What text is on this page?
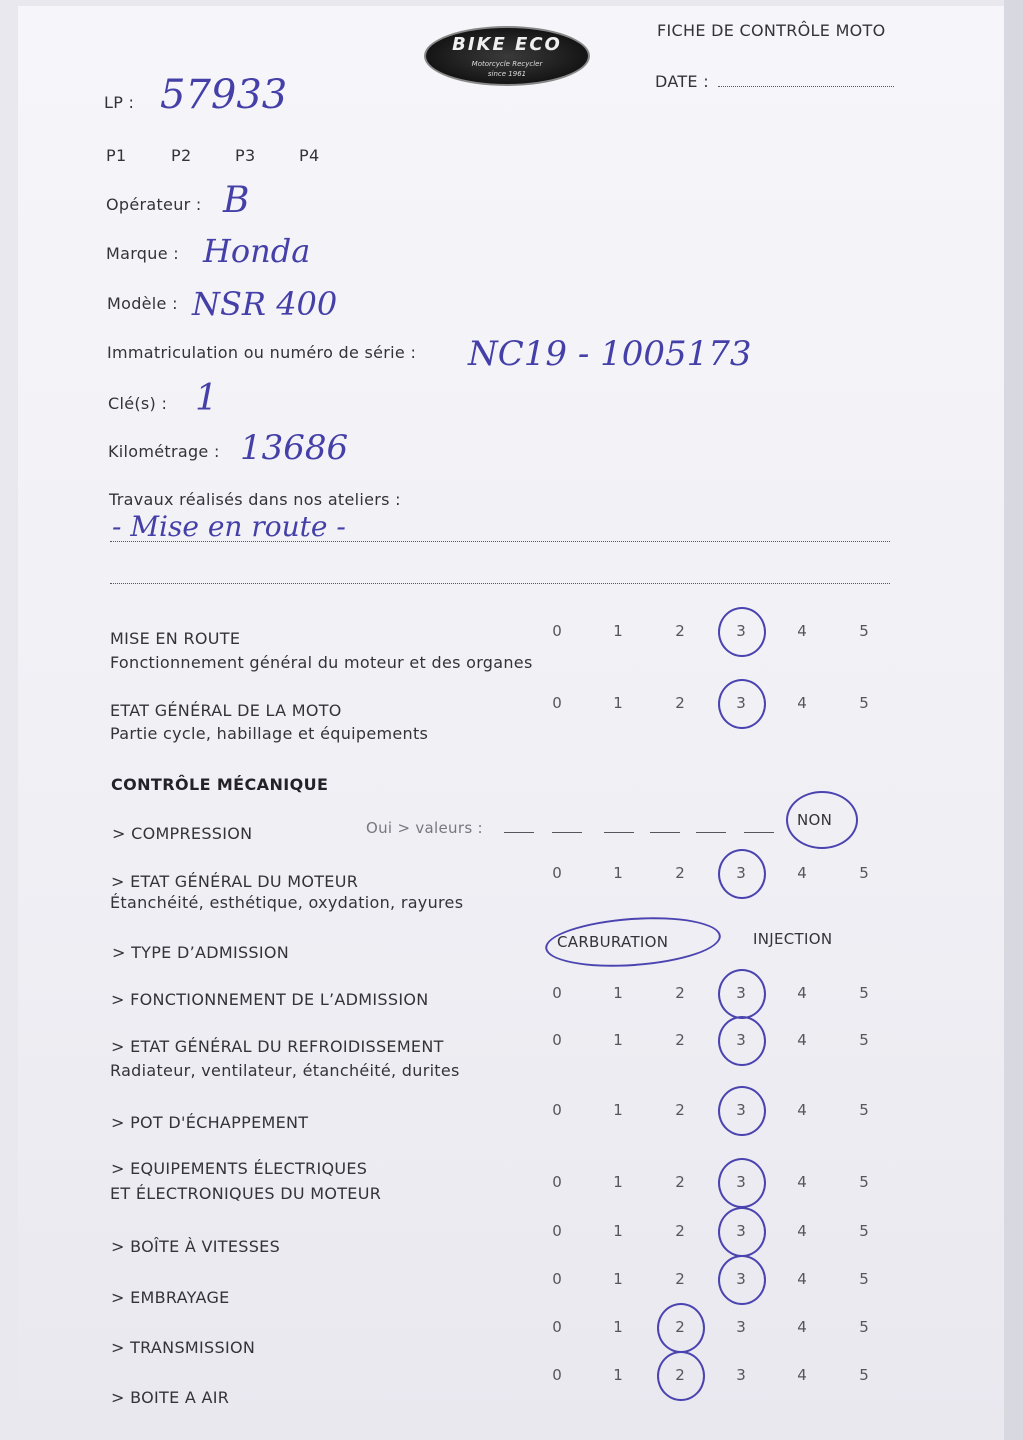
BIKE ECO
Motorcycle Recycler
since 1961
FICHE DE CONTRÔLE MOTO
DATE :
LP : 57933
P1	P2	P3	P4
Opérateur : B
Marque : Honda
Modèle : NSR 400
Immatriculation ou numéro de série : NC19 - 1005173
Clé(s) : 1
Kilométrage : 13686
Travaux réalisés dans nos ateliers :
- Mise en route -
MISE EN ROUTE
Fonctionnement général du moteur et des organes
0	1	2	3	4	5
ETAT GÉNÉRAL DE LA MOTO
Partie cycle, habillage et équipements
0	1	2	3	4	5
CONTRÔLE MÉCANIQUE
> COMPRESSION	Oui > valeurs :	NON
> TYPE D’ADMISSION
CARBURATION	INJECTION
> ETAT GÉNÉRAL DU MOTEUR
Étanchéité, esthétique, oxydation, rayures
0	1	2	3	4	5
> FONCTIONNEMENT DE L’ADMISSION	0	1	2	3	4	5
> ETAT GÉNÉRAL DU REFROIDISSEMENT
Radiateur, ventilateur, étanchéité, durites
0	1	2	3	4	5
> POT D'ÉCHAPPEMENT
0	1	2	3	4	5
> EQUIPEMENTS ÉLECTRIQUES
ET ÉLECTRONIQUES DU MOTEUR
0	1	2	3	4	5
> BOÎTE À VITESSES
0	1	2	3	4	5
> EMBRAYAGE
0	1	2	3	4	5
> TRANSMISSION
0	1	2	3	4	5
> BOITE A AIR
0	1	2	3	4	5
